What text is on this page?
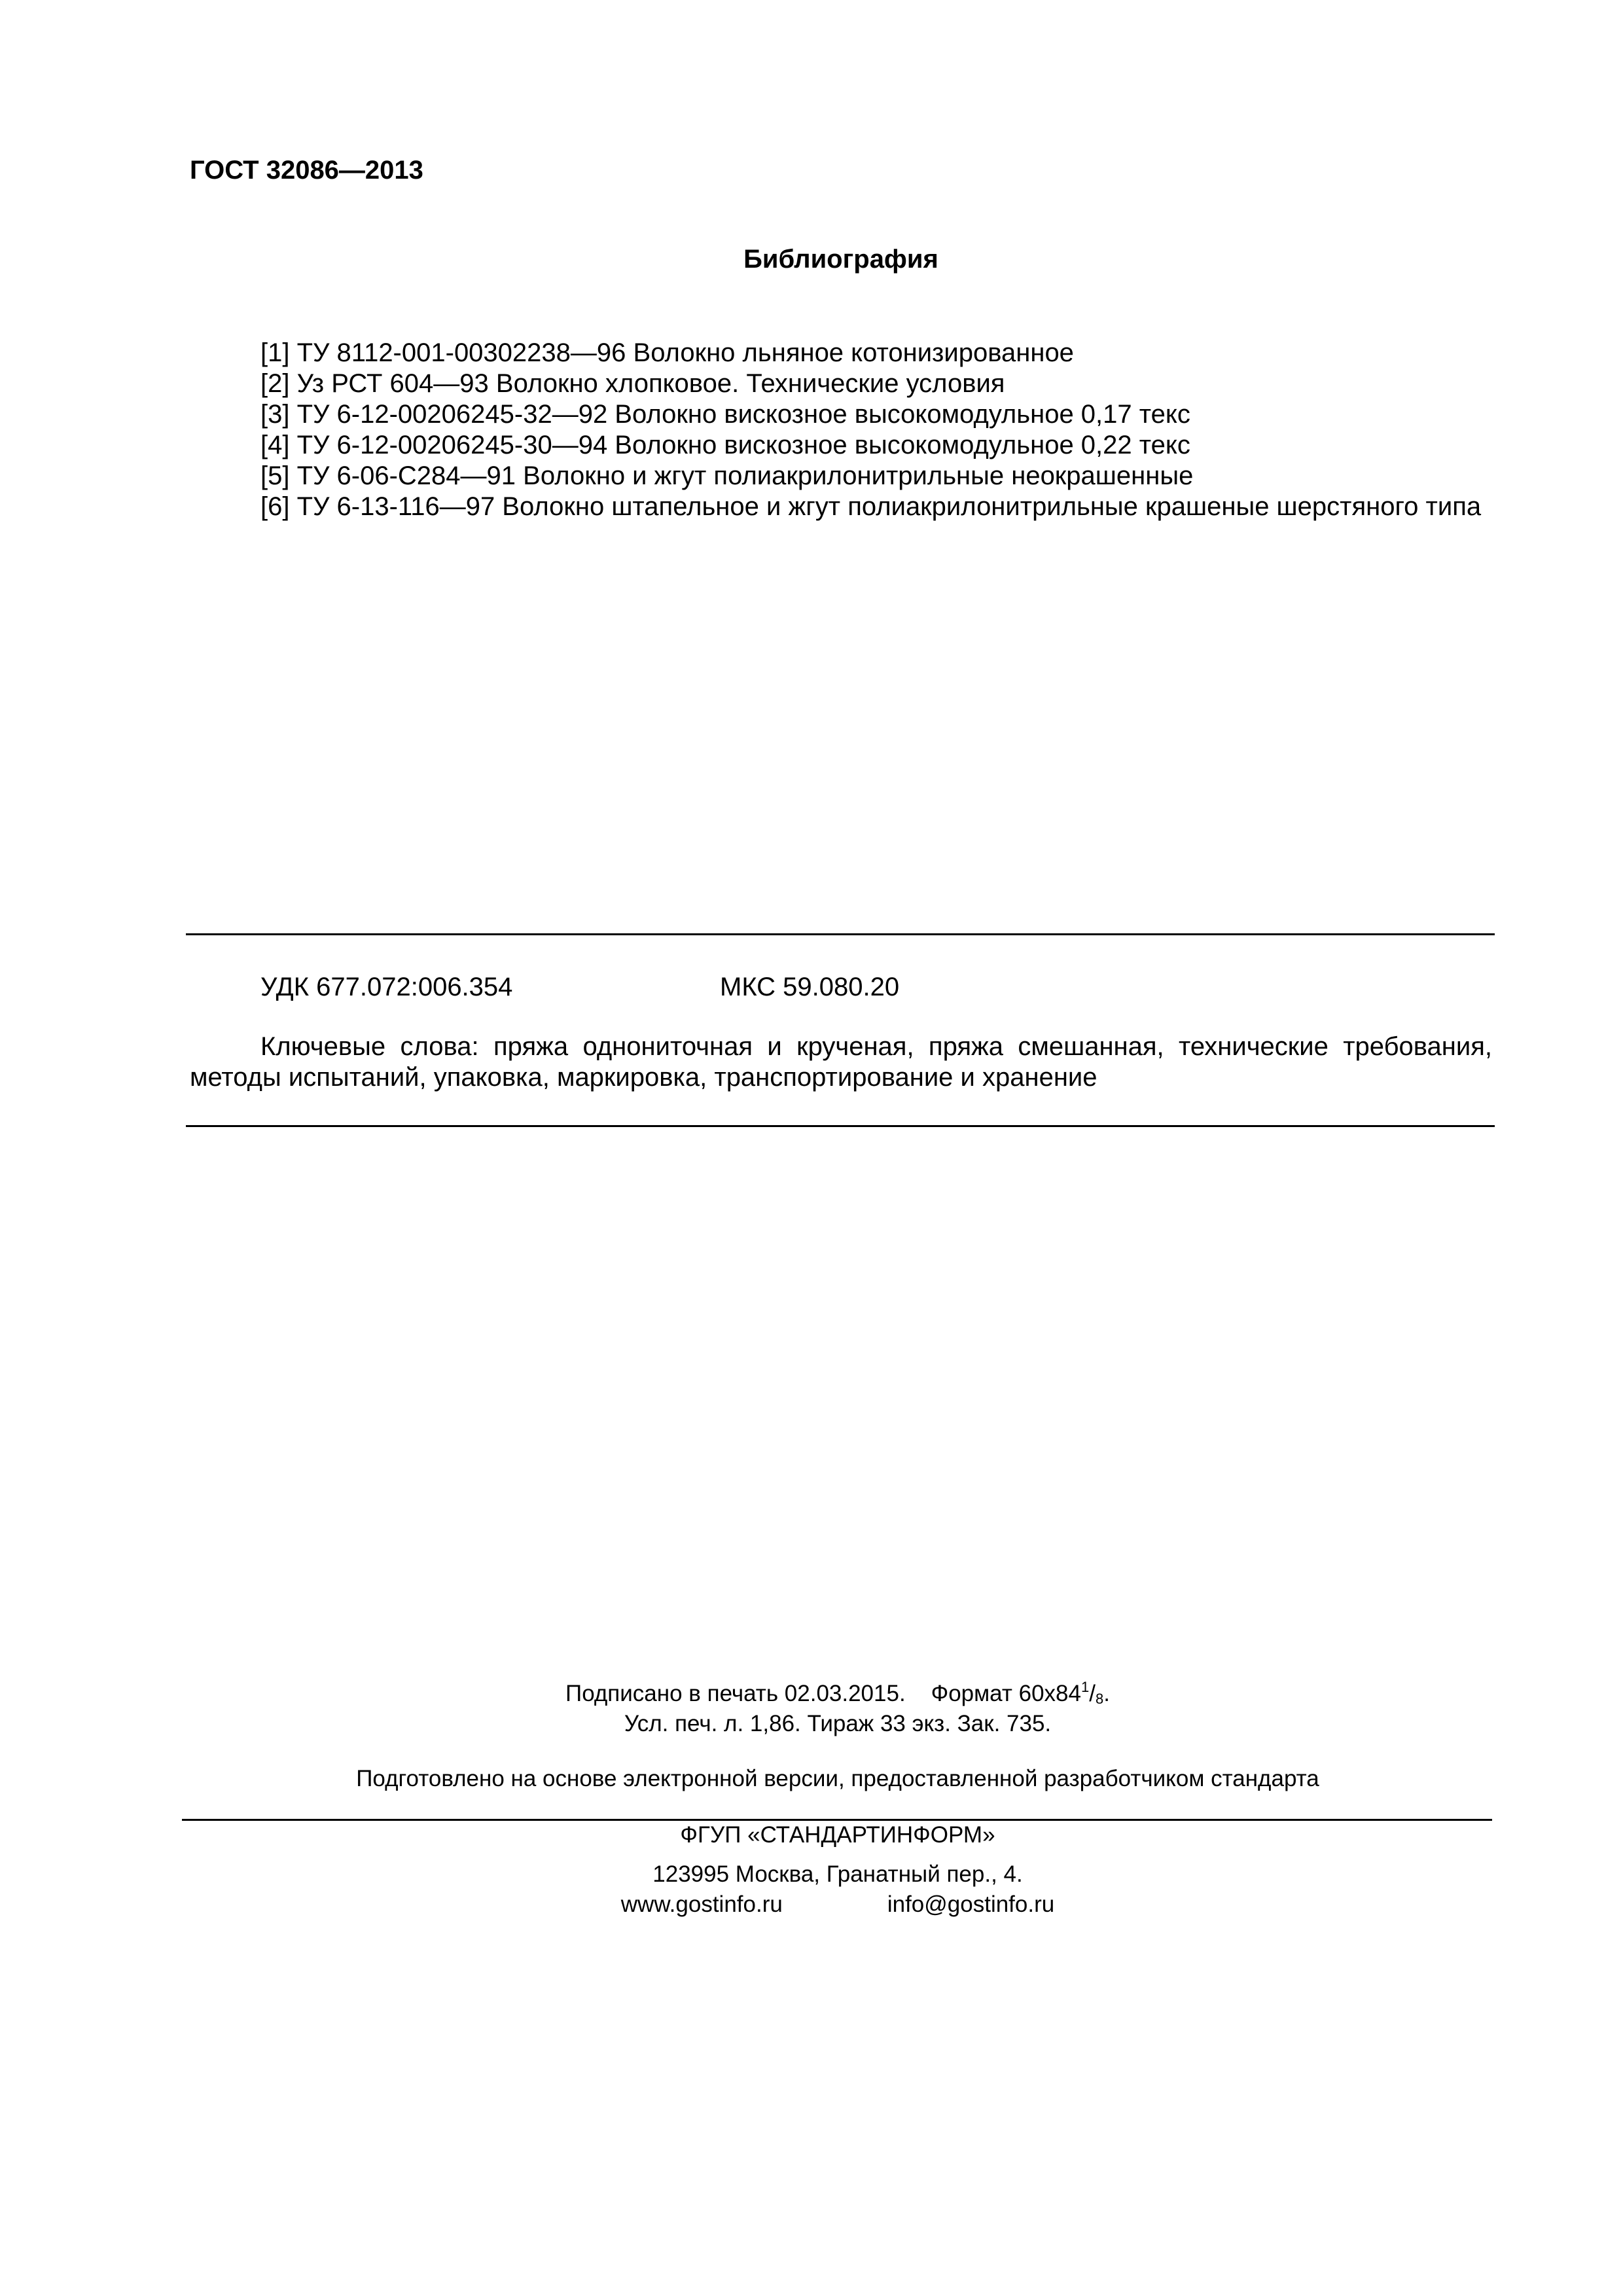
ГОСТ 32086—2013
Библиография
[1] ТУ 8112-001-00302238—96 Волокно льняное котонизированное
[2] Уз РСТ 604—93 Волокно хлопковое. Технические условия
[3] ТУ 6-12-00206245-32—92 Волокно вискозное высокомодульное 0,17 текс
[4] ТУ 6-12-00206245-30—94 Волокно вискозное высокомодульное 0,22 текс
[5] ТУ 6-06-С284—91 Волокно и жгут полиакрилонитрильные неокрашенные
[6] ТУ 6-13-116—97 Волокно штапельное и жгут полиакрилонитрильные крашеные шерстяного типа
УДК 677.072:006.354	МКС 59.080.20
Ключевые слова: пряжа однониточная и крученая, пряжа смешанная, технические требования, методы испытаний, упаковка, маркировка, транспортирование и хранение
Подписано в печать 02.03.2015.    Формат $60х84^1/_8$.
Усл. печ. л. 1,86. Тираж 33 экз. Зак. 735.
Подготовлено на основе электронной версии, предоставленной разработчиком стандарта
ФГУП «СТАНДАРТИНФОРМ»
123995 Москва, Гранатный пер., 4.
www.gostinfo.ru	info@gostinfo.ru
